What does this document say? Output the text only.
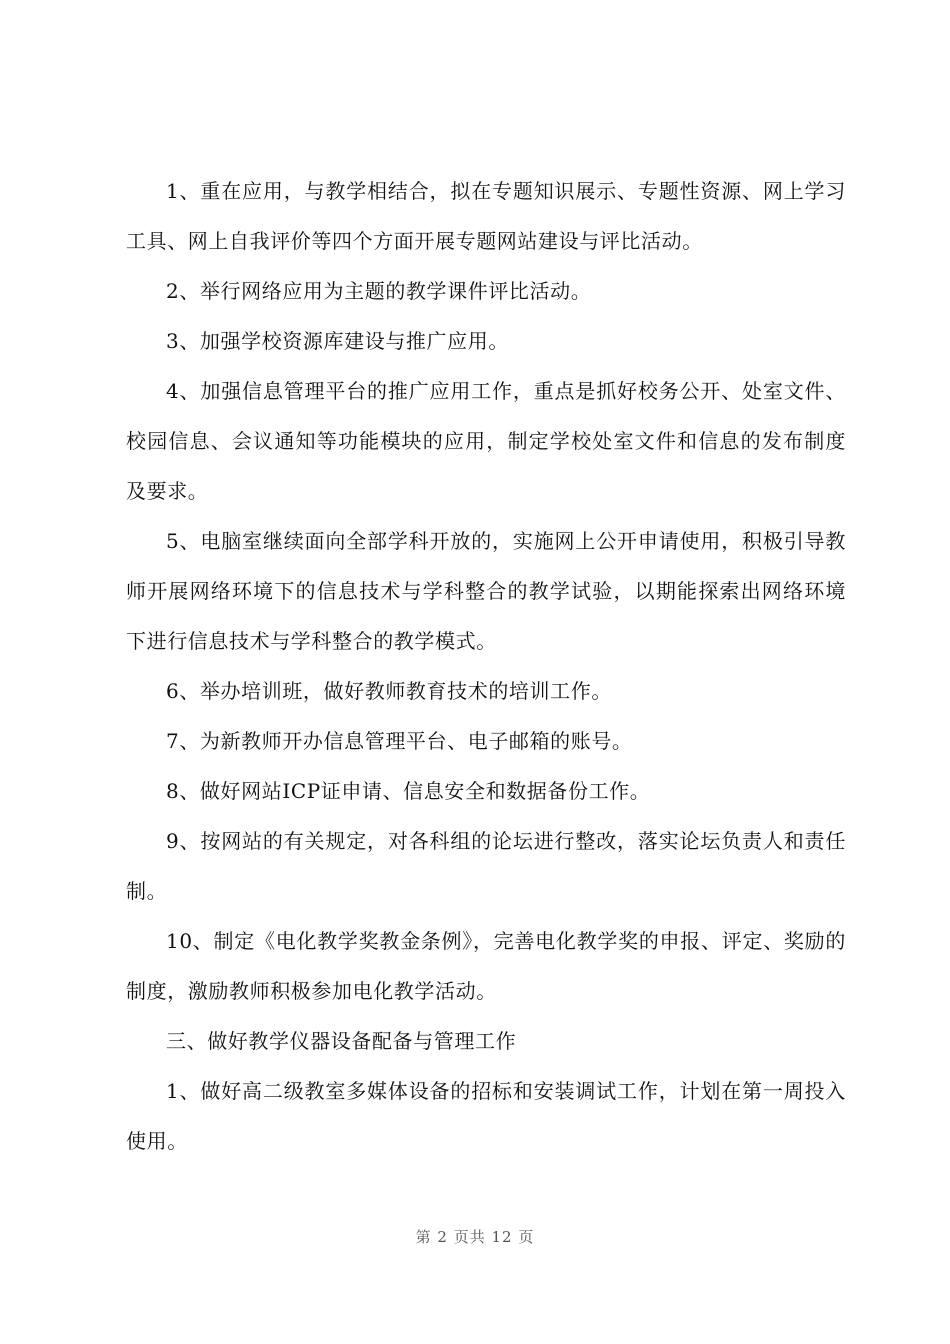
1、重在应用，与教学相结合，拟在专题知识展示、专题性资源、网上学习工具、网上自我评价等四个方面开展专题网站建设与评比活动。

2、举行网络应用为主题的教学课件评比活动。

3、加强学校资源库建设与推广应用。

4、加强信息管理平台的推广应用工作，重点是抓好校务公开、处室文件、校园信息、会议通知等功能模块的应用，制定学校处室文件和信息的发布制度及要求。

5、电脑室继续面向全部学科开放的，实施网上公开申请使用，积极引导教师开展网络环境下的信息技术与学科整合的教学试验，以期能探索出网络环境下进行信息技术与学科整合的教学模式。

6、举办培训班，做好教师教育技术的培训工作。

7、为新教师开办信息管理平台、电子邮箱的账号。

8、做好网站ICP证申请、信息安全和数据备份工作。

9、按网站的有关规定，对各科组的论坛进行整改，落实论坛负责人和责任制。

10、制定《电化教学奖教金条例》，完善电化教学奖的申报、评定、奖励的制度，激励教师积极参加电化教学活动。

三、做好教学仪器设备配备与管理工作

1、做好高二级教室多媒体设备的招标和安装调试工作，计划在第一周投入使用。

第 2 页共 12 页
